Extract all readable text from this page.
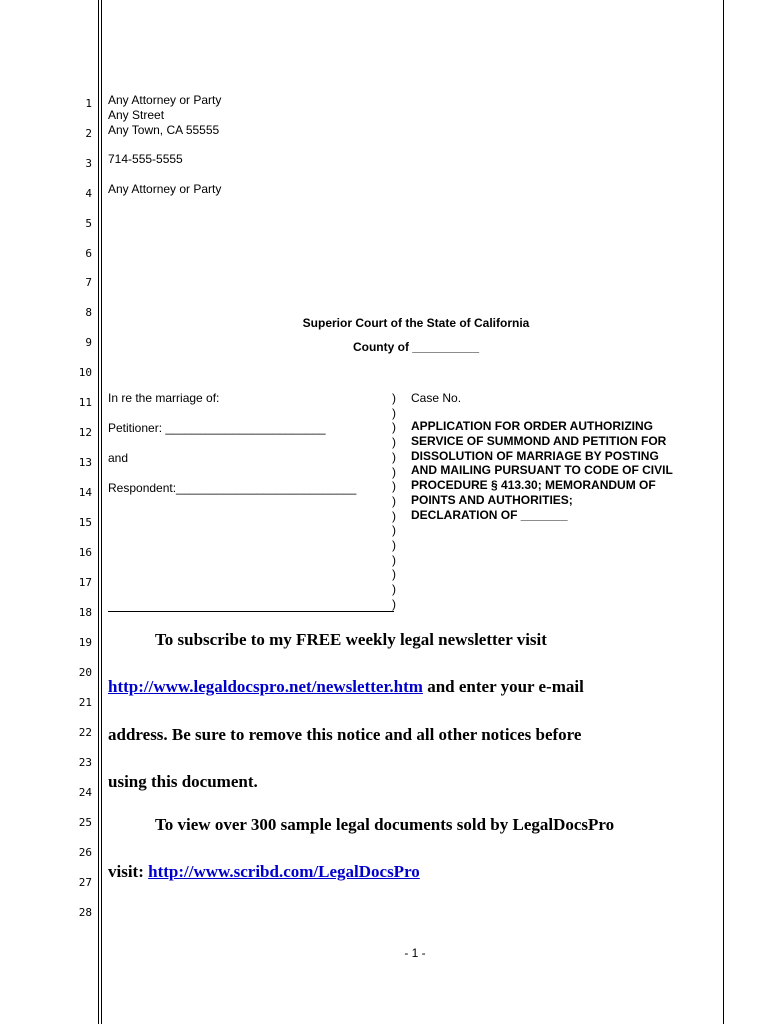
1
2
3
4
5
6
7
8
9
10
11
12
13
14
15
16
17
18
19
20
21
22
23
24
25
26
27
28
Any Attorney or Party
Any Street
Any Town, CA 55555
714-555-5555
Any Attorney or Party
Superior Court of the State of California
County of __________
In re the marriage of:
Petitioner: ________________________
and
Respondent:___________________________
)
)
)
)
)
)
)
)
)
)
)
)
)
)
)
Case No.
APPLICATION FOR ORDER AUTHORIZING
SERVICE OF SUMMOND AND PETITION FOR
DISSOLUTION OF MARRIAGE BY POSTING
AND MAILING PURSUANT TO CODE OF CIVIL
PROCEDURE § 413.30; MEMORANDUM OF
POINTS AND AUTHORITIES;
DECLARATION OF _______
To subscribe to my FREE weekly legal newsletter visit
http://www.legaldocspro.net/newsletter.htm and enter your e-mail
address. Be sure to remove this notice and all other notices before
using this document.
To view over 300 sample legal documents sold by LegalDocsPro
visit: http://www.scribd.com/LegalDocsPro
- 1 -
